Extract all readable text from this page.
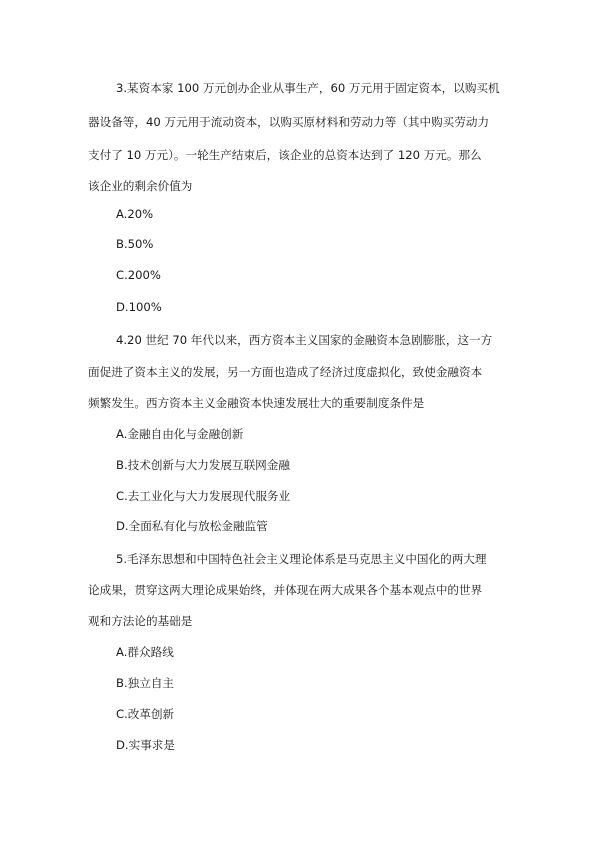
3.某资本家 100 万元创办企业从事生产，60 万元用于固定资本，以购买机
器设备等，40 万元用于流动资本，以购买原材料和劳动力等（其中购买劳动力
支付了 10 万元）。一轮生产结束后，该企业的总资本达到了 120 万元。那么
该企业的剩余价值为
A.20%
B.50%
C.200%
D.100%
4.20 世纪 70 年代以来，西方资本主义国家的金融资本急剧膨胀，这一方
面促进了资本主义的发展，另一方面也造成了经济过度虚拟化，致使金融资本
频繁发生。西方资本主义金融资本快速发展壮大的重要制度条件是
A.金融自由化与金融创新
B.技术创新与大力发展互联网金融
C.去工业化与大力发展现代服务业
D.全面私有化与放松金融监管
5.毛泽东思想和中国特色社会主义理论体系是马克思主义中国化的两大理
论成果，贯穿这两大理论成果始终，并体现在两大成果各个基本观点中的世界
观和方法论的基础是
A.群众路线
B.独立自主
C.改革创新
D.实事求是
